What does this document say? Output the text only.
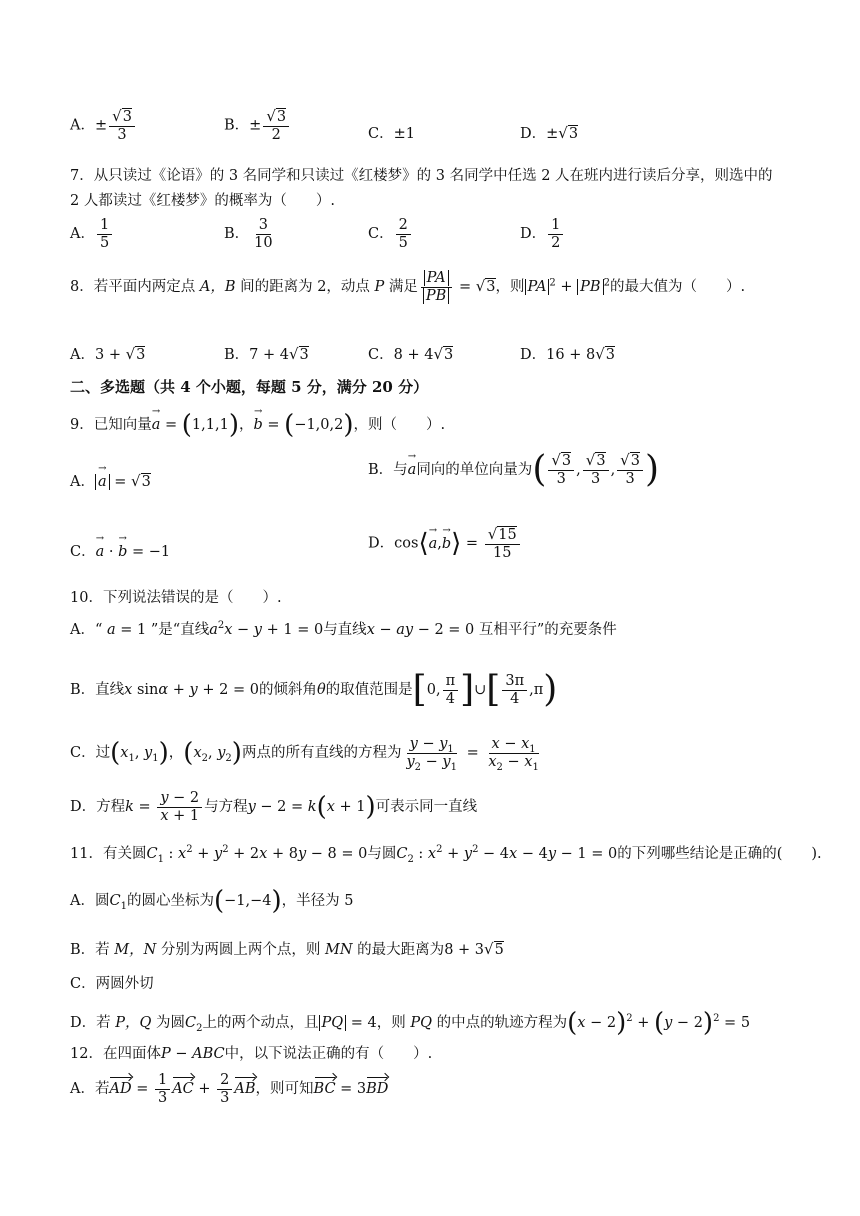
A．± $\frac{√3}{3}$	B．± $\frac{√3}{2}$	C．±1	D．±√3
7．从只读过《论语》的 3 名同学和只读过《红楼梦》的 3 名同学中任选 2 人在班内进行读后分享，则选中的
2 人都读过《红楼梦》的概率为（　　）.
A． $\frac{1}{5}$	B． $\frac{3}{10}$	C． $\frac{2}{5}$	D． $\frac{1}{2}$
8．若平面内两定点 A，B 间的距离为 2，动点 P 满足 $\frac{PA}{PB} = √3$，则 PA $^2$ + PB $^2$的最大值为（　　）.
A．3 + √3	B．7 + 4√3	C．8 + 4√3	D．16 + 8√3
二、多选题（共 4 个小题，每题 5 分，满分 20 分）
9．已知向量→ a = (1,1,1)，→ b = (−1,0,2)，则（　　）.
A．→ a = √3
B．与→ a同向的单位向量为( $\frac{√3}{3}$ , $\frac{√3}{3}$ , $\frac{√3}{3}$ )
C．→ a · → b = −1
D．cos⟨→ a,→ b⟩ = $\frac{√15}{15}$
10．下列说法错误的是（　　）.
A．“ a = 1 ”是“直线$a^2x - y + 1 = 0$与直线x − ay − 2 = 0 互相平行”的充要条件
B．直线x sinα + y + 2 = 0的倾斜角θ的取值范围是[0, $\frac{\pi}{4}$ ]∪[ $\frac{3\pi}{4} ,\pi$)
C．过($x_1$, $y_1$)，($x_2$, $y_2$)两点的所有直线的方程为 $\frac{y - y_1}{y_2 - y_1} = \frac{x - x_1}{x_2 - x_1}$
D．方程$k = \frac{y - 2}{x + 1}$ 与方程y − 2 = k(x + 1)可表示同一直线
11．有关圆$C_1$ : $x^2 + y^2 + 2x + 8y - 8 = 0$与圆$C_2$ : $x^2 + y^2 - 4x - 4y - 1 = 0$的下列哪些结论是正确的(　　).
A．圆$C_1$的圆心坐标为(−1,−4)，半径为 5
B．若 M，N 分别为两圆上两个点，则 MN 的最大距离为8 + 3√5
C．两圆外切
D．若 P，Q 为圆$C_2$上的两个动点，且 PQ = 4，则 PQ 的中点的轨迹方程为$(x - 2)^2 + (y - 2)^2 = 5$
12．在四面体P − ABC中，以下说法正确的有（　　）.
A．若AD = $\frac{1}{3}$ AC + $\frac{2}{3}$ AB，则可知BC = 3BD
